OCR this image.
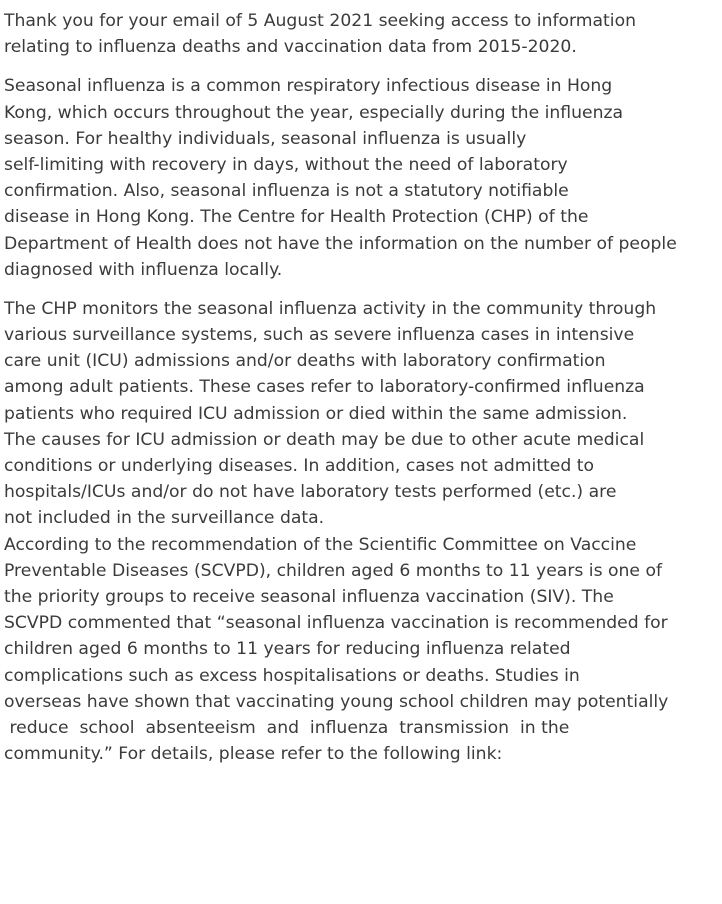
Thank you for your email of 5 August 2021 seeking access to information
relating to influenza deaths and vaccination data from 2015-2020.

Seasonal influenza is a common respiratory infectious disease in Hong
Kong, which occurs throughout the year, especially during the influenza
season. For healthy individuals, seasonal influenza is usually
self-limiting with recovery in days, without the need of laboratory
confirmation. Also, seasonal influenza is not a statutory notifiable
disease in Hong Kong. The Centre for Health Protection (CHP) of the
Department of Health does not have the information on the number of people
diagnosed with influenza locally.

The CHP monitors the seasonal influenza activity in the community through
various surveillance systems, such as severe influenza cases in intensive
care unit (ICU) admissions and/or deaths with laboratory confirmation
among adult patients. These cases refer to laboratory-confirmed influenza
patients who required ICU admission or died within the same admission.
The causes for ICU admission or death may be due to other acute medical
conditions or underlying diseases. In addition, cases not admitted to
hospitals/ICUs and/or do not have laboratory tests performed (etc.) are
not included in the surveillance data.

According to the recommendation of the Scientific Committee on Vaccine
Preventable Diseases (SCVPD), children aged 6 months to 11 years is one of
the priority groups to receive seasonal influenza vaccination (SIV). The
SCVPD commented that “seasonal influenza vaccination is recommended for
children aged 6 months to 11 years for reducing influenza related
complications such as excess hospitalisations or deaths. Studies in
overseas have shown that vaccinating young school children may potentially
reduce  school  absenteeism  and  influenza  transmission  in the
community.” For details, please refer to the following link:
